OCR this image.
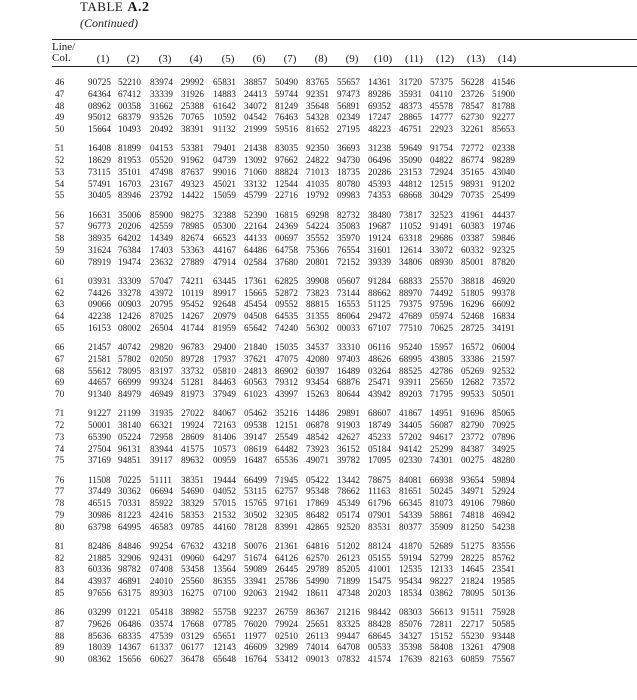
TABLE A.2
(Continued)
Line/
Col.	(1)	(2)	(3)	(4)	(5)	(6)	(7)	(8)	(9)	(10) (11) (12) (13) (14)
46	90725 52210 83974 29992 65831 38857 50490 83765 55657 14361 31720 57375 56228 41546
47	64364 67412 33339 31926 14883 24413 59744 92351 97473 89286 35931 04110 23726 51900
48	08962 00358 31662 25388 61642 34072 81249 35648 56891 69352 48373 45578 78547 81788
49	95012 68379 93526 70765 10592 04542 76463 54328 02349 17247 28865 14777 62730 92277
50	15664 10493 20492 38391 91132 21999 59516 81652 27195 48223 46751 22923 32261 85653
51	16408 81899 04153 53381 79401 21438 83035 92350 36693 31238 59649 91754 72772 02338
52	18629 81953 05520 91962 04739 13092 97662 24822 94730 06496 35090 04822 86774 98289
53	73115 35101 47498 87637 99016 71060 88824 71013 18735 20286 23153 72924 35165 43040
54	57491 16703 23167 49323 45021 33132 12544 41035 80780 45393 44812 12515 98931 91202
55	30405 83946 23792 14422 15059 45799 22716 19792 09983 74353 68668 30429 70735 25499
56	16631 35006 85900 98275 32388 52390 16815 69298 82732 38480 73817 32523 41961 44437
57	96773 20206 42559 78985 05300 22164 24369 54224 35083 19687 11052 91491 60383 19746
58	38935 64202 14349 82674 66523 44133 00697 35552 35970 19124 63318 29686 03387 59846
59	31624 76384 17403 53363 44167 64486 64758 75366 76554 31601 12614 33072 60332 92325
60	78919 19474 23632 27889 47914 02584 37680 20801 72152 39339 34806 08930 85001 87820
61	03931 33309 57047 74211	63445 17361 62825 39908 05607 91284 68833 25570 38818 46920
62	74426 33278 43972 10119	89917 15665 52872 73823 73144 88662 88970 74492 51805 99378
63	09066 00903 20795 95452 92648 45454 09552 88815 16553 51125 79375 97596 16296 66092
64	42238 12426 87025 14267 20979 04508 64535 31355 86064 29472 47689 05974 52468 16834
65	16153 08002 26504 41744 81959 65642 74240 56302 00033 67107 77510 70625 28725 34191
66	21457 40742 29820 96783 29400 21840 15035 34537 33310 06116 95240 15957 16572 06004
67	21581 57802 02050 89728 17937 37621 47075 42080 97403 48626 68995 43805 33386 21597
68	55612 78095 83197 33732 05810 24813 86902 60397 16489 03264 88525 42786 05269 92532
69	44657 66999 99324 51281 84463 60563 79312 93454 68876 25471 93911 25650 12682 73572
70	91340 84979 46949 81973 37949 61023 43997 15263 80644 43942 89203 71795 99533 50501
71	91227 21199	31935 27022 84067 05462 35216 14486 29891 68607 41867 14951 91696 85065
72	50001 38140 66321 19924 72163 09538 12151 06878 91903 18749 34405 56087 82790 70925
73	65390 05224 72958 28609 81406 39147 25549 48542 42627 45233 57202 94617 23772 07896
74	27504 96131 83944 41575 10573 08619 64482 73923 36152 05184 94142 25299 84387 34925
75	37169 94851 39117 89632 00959 16487 65536 49071 39782 17095 02330 74301 00275 48280
76	11508 70225 51111 38351 19444 66499 71945 05422 13442 78675 84081 66938 93654 59894
77	37449 30362 06694 54690 04052 53115 62757 95348 78662 11163 81651 50245 34971 52924
78	46515 70331 85922 38329 57015 15765 97161 17869 45349 61796 66345 81073 49106 79860
79	30986 81223 42416 58353 21532 30502 32305 86482 05174 07901 54339 58861 74818 46942
80	63798 64995 46583 09785 44160 78128 83991 42865 92520 83531 80377 35909 81250 54238
81	82486 84846 99254 67632 43218 50076 21361 64816 51202 88124 41870 52689 51275 83556
82	21885 32906 92431 09060 64297 51674 64126 62570 26123 05155 59194 52799 28225 85762
83	60336 98782 07408 53458 13564 59089 26445 29789 85205 41001 12535 12133 14645 23541
84	43937 46891 24010 25560 86355 33941 25786 54990 71899 15475 95434 98227 21824 19585
85	97656 63175 89303 16275 07100 92063 21942 18611 47348 20203 18534 03862 78095 50136
86	03299 01221 05418 38982 55758 92237 26759 86367 21216 98442 08303 56613 91511 75928
87	79626 06486 03574 17668 07785 76020 79924 25651 83325 88428 85076 72811 22717 50585
88	85636 68335 47539 03129 65651 11977 02510 26113 99447 68645 34327 15152 55230 93448
89	18039 14367 61337 06177 12143 46609 32989 74014 64708 00533 35398 58408 13261 47908
90	08362 15656 60627 36478 65648 16764 53412 09013 07832 41574 17639 82163 60859 75567
